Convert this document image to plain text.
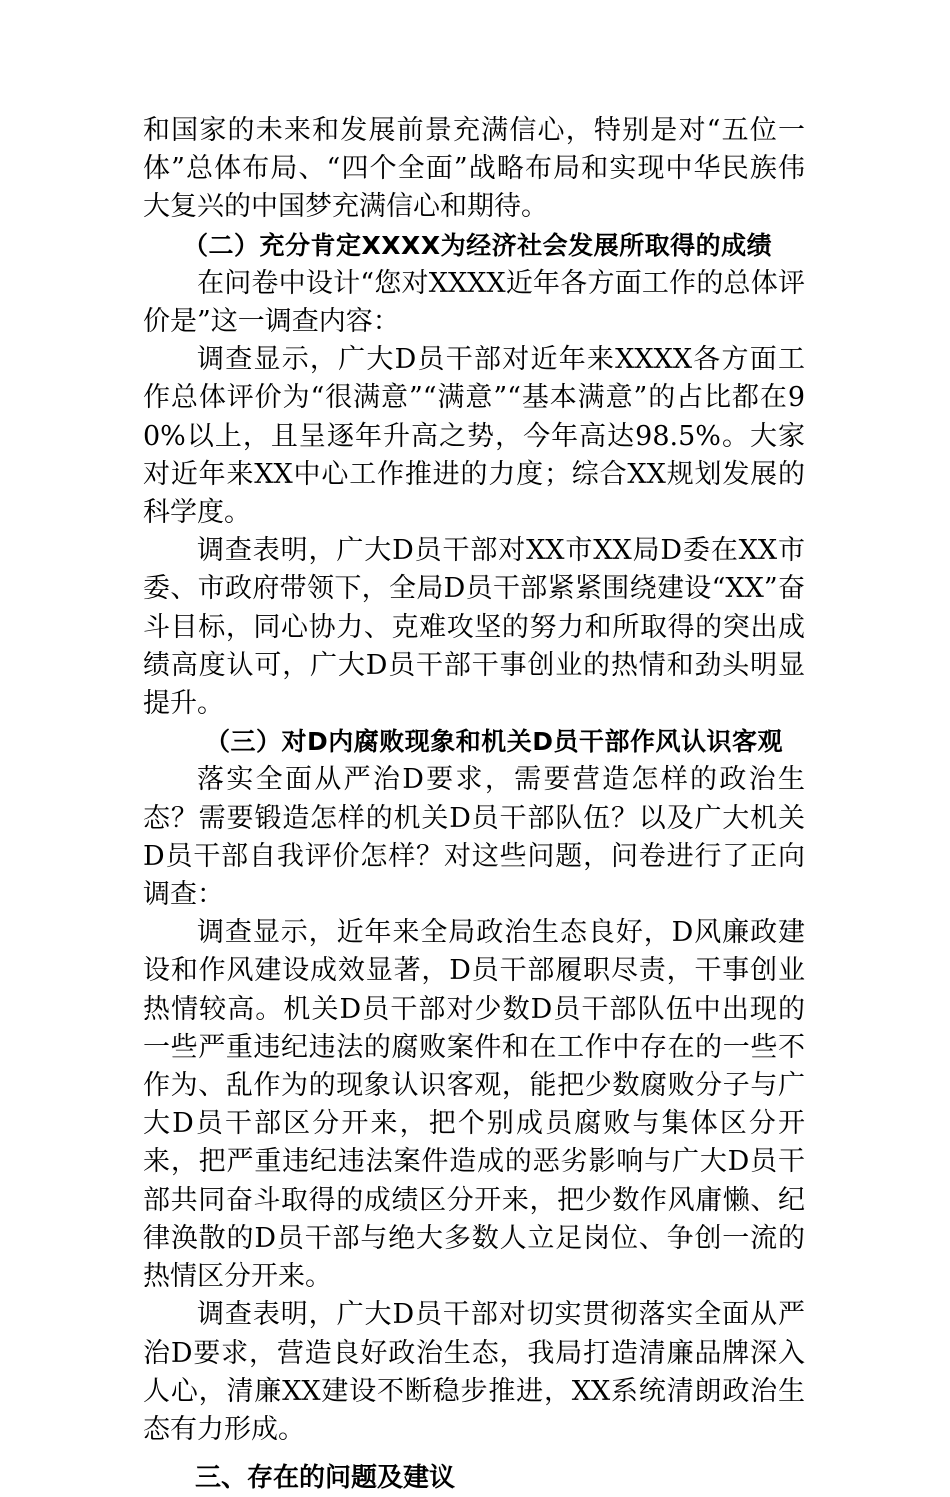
和国家的未来和发展前景充满信心，特别是对“五位一体”总体布局、“四个全面”战略布局和实现中华民族伟大复兴的中国梦充满信心和期待。

（二）充分肯定XXXX为经济社会发展所取得的成绩

在问卷中设计“您对XXXX近年各方面工作的总体评价是”这一调查内容：

调查显示，广大D员干部对近年来XXXX各方面工作总体评价为“很满意”“满意”“基本满意”的占比都在90%以上，且呈逐年升高之势，今年高达98.5%。大家对近年来XX中心工作推进的力度；综合XX规划发展的科学度。

调查表明，广大D员干部对XX市XX局D委在XX市委、市政府带领下，全局D员干部紧紧围绕建设“XX”奋斗目标，同心协力、克难攻坚的努力和所取得的突出成绩高度认可，广大D员干部干事创业的热情和劲头明显提升。

（三）对D内腐败现象和机关D员干部作风认识客观

落实全面从严治D要求，需要营造怎样的政治生态？需要锻造怎样的机关D员干部队伍？以及广大机关D员干部自我评价怎样？对这些问题，问卷进行了正向调查：

调查显示，近年来全局政治生态良好，D风廉政建设和作风建设成效显著，D员干部履职尽责，干事创业热情较高。机关D员干部对少数D员干部队伍中出现的一些严重违纪违法的腐败案件和在工作中存在的一些不作为、乱作为的现象认识客观，能把少数腐败分子与广大D员干部区分开来，把个别成员腐败与集体区分开来，把严重违纪违法案件造成的恶劣影响与广大D员干部共同奋斗取得的成绩区分开来，把少数作风庸懒、纪律涣散的D员干部与绝大多数人立足岗位、争创一流的热情区分开来。

调查表明，广大D员干部对切实贯彻落实全面从严治D要求，营造良好政治生态，我局打造清廉品牌深入人心，清廉XX建设不断稳步推进，XX系统清朗政治生态有力形成。

三、存在的问题及建议
